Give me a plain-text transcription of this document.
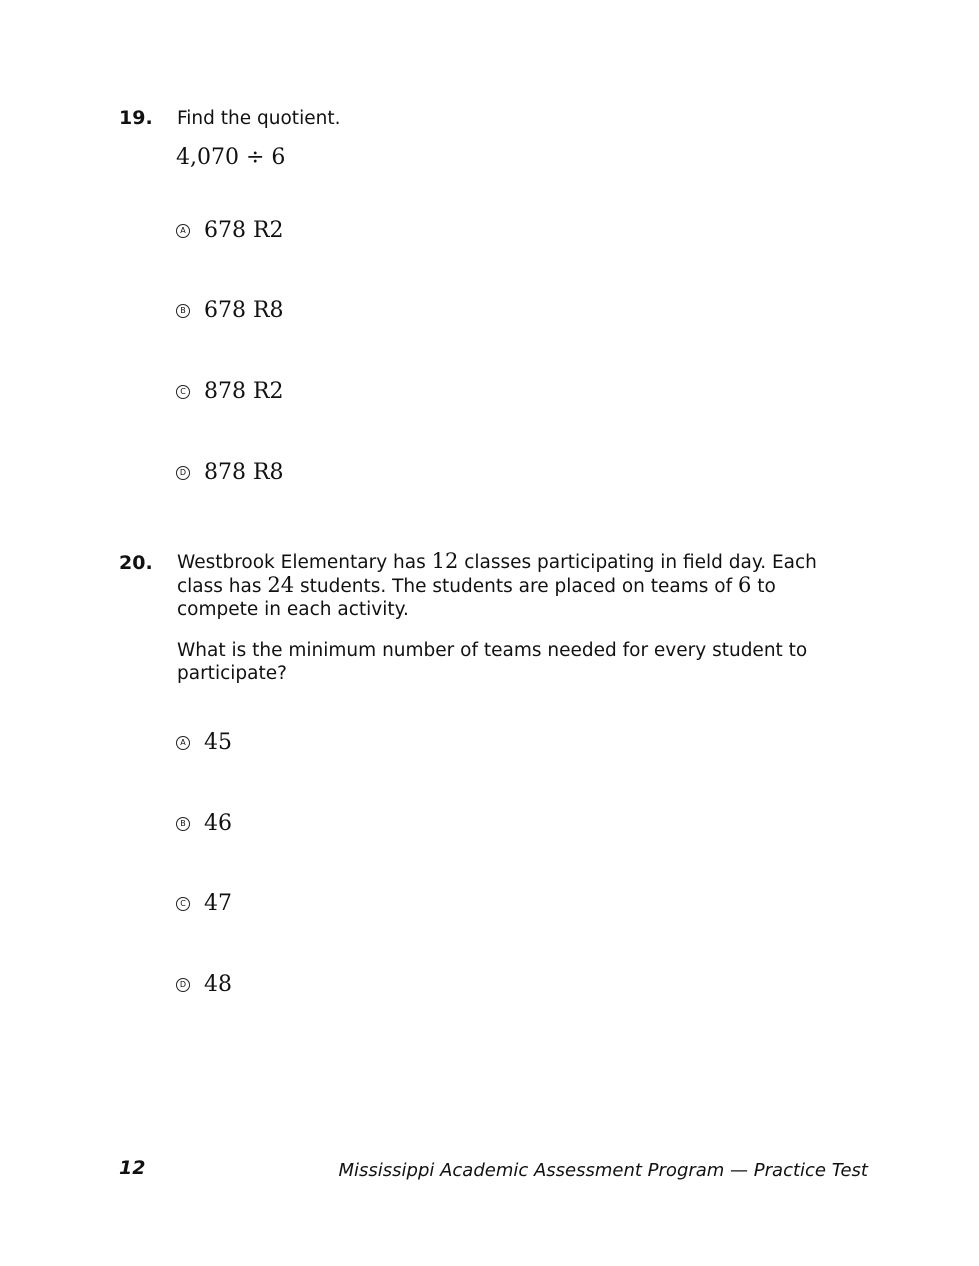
19. Find the quotient.
4,070 ÷ 6
A 678 R2
B 678 R8
C 878 R2
D 878 R8
20. Westbrook Elementary has 12 classes participating in field day. Each class has 24 students. The students are placed on teams of 6 to compete in each activity.
What is the minimum number of teams needed for every student to participate?
A 45
B 46
C 47
D 48
12	Mississippi Academic Assessment Program — Practice Test
